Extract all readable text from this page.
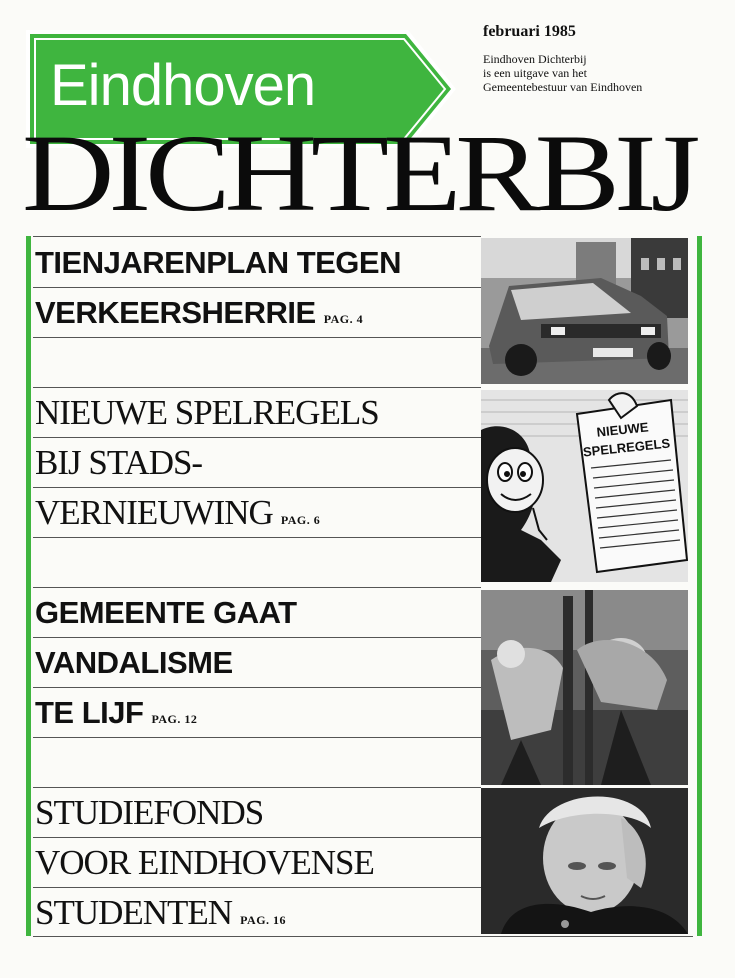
Eindhoven
DICHTERBIJ
februari 1985
Eindhoven Dichterbij
is een uitgave van het
Gemeentebestuur van Eindhoven
TIENJARENPLAN TEGEN
VERKEERSHERRIE PAG. 4
NIEUWE SPELREGELS
BIJ STADS-
VERNIEUWING PAG. 6
GEMEENTE GAAT
VANDALISME
TE LIJF PAG. 12
STUDIEFONDS
VOOR EINDHOVENSE
STUDENTEN PAG. 16
NIEUWE
SPELREGELS
